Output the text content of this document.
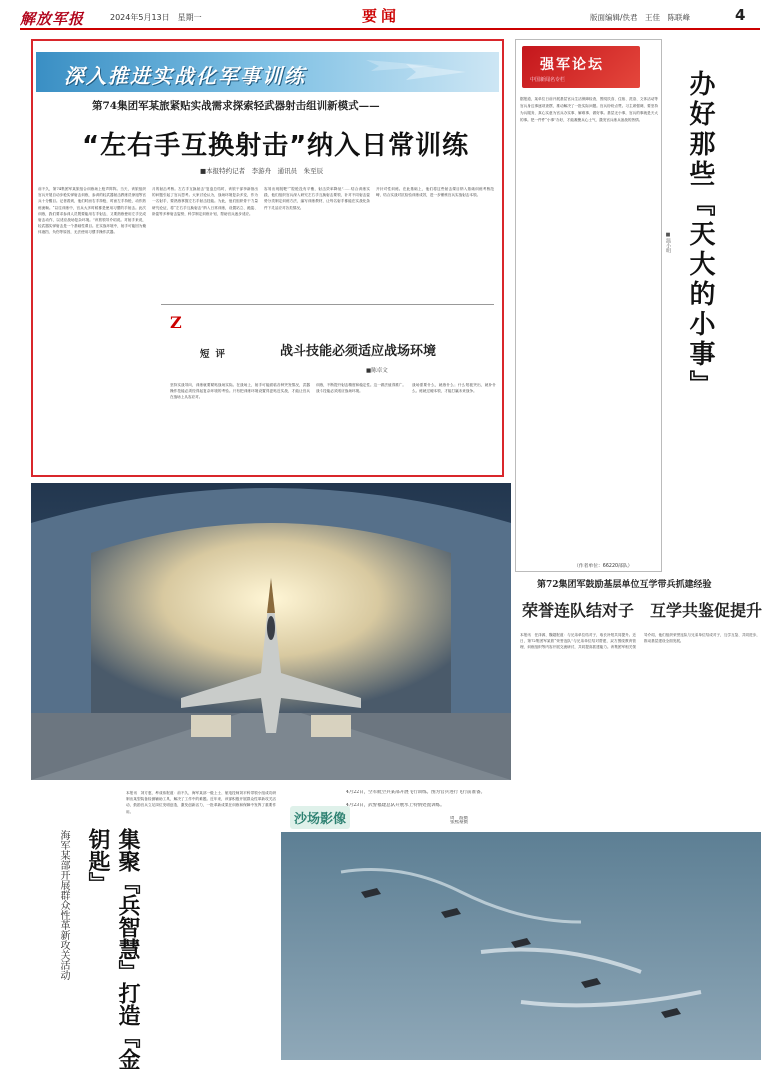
解放军报	2024年5月13日　星期一	要闻	版面编辑/佚君　王佳　陈联峰	4
深入推进实战化军事训练
第74集团军某旅紧贴实战需求探索轻武器射击组训新模式——
“左右手互换射击”纳入日常训练
■本报特约记者　李游舟　通讯员　朱至辰
前不久，第74集团军某旅组合训练场上枪声阵阵。当天，该旅组织官兵开展自动步枪实弹射击训练，参训的轻武器射击教练员徐旭等官兵十分醒目。记者看到，他们时而右手持枪，时而左手持枪，动作熟练流畅。“以往训练中，官兵大多时候都是使用习惯的手射击。此次训练，我们要求参训人员既要能用右手射击，又要熟练使用左手完成射击动作，以适应战场复杂环境。”该旅领导介绍说。对射手来说，轻武器实弹射击是一个基础性课目。在实战环境中，射手可能因为掩体遮挡、负伤等原因，无法使用习惯手操作武器。
月的射击考核。左右手互换射击”复盘总结时，该旅干部李新指出的问题引起了官兵思考。大家讨论认为，战场环境复杂多变，作为一名射手，要熟练掌握左右手射击技能。为此，他们组织骨干力量研究论证，将“左右手互换射击”纳入日常训练，设置站立、跪姿、卧姿等多种射击姿势，科学制定训练计划，帮助官兵逐步适应。
容易出现脱靶”“腔枪没有平衡，射击效率降低”……结合训练实践，他们组织官兵深入研究左右手互换射击要领，针对不同射击姿势分类制定训练方法，编写训练教材，让每名射手都能在实战化条件下灵活应对各类情况。
开针对性训练。在此基础上，他们将这些射击课目纳入基础训练考核范畴，结合实战对抗检验训练成效，进一步锤炼官兵实战射击本领。
Z
短评	战斗技能必须适应战场环境
■陈卓文
坚持实战导向，训练就要紧贴战场实际。在战场上，射手可能面临各种突发情况，武器操作技能必须经得起复杂环境的考验。只有把训练环境设置得更贴近实战，才能让官兵在战场上从容应对。
训练，不断提升射击精度和稳定性。这一做法值得推广。战斗技能必须适应战场环境。
战场需要什么，就练什么；什么短板突出，就补什么。练就过硬本领，才能打赢未来战争。
强军论坛
中国新闻名专栏
据报道，某单位日前开展基层官兵生活保障检查，围绕饮食、住宿、洗浴、文体活动等官兵身边事逐项查摆，推动解决了一批实际问题。官兵纷纷点赞。习主席强调，要坚持为兵服务，真心实意为官兵办实事、解难事、做好事。基层无小事，官兵的事就是天大的事。把一件件“小事”办好，才能凝聚兵心士气，激发官兵练兵备战的热情。
（作者单位：66220部队）
办好那些『天大的小事』
■温小明
第72集团军鼓励基层单位互学带兵抓建经验
荣誉连队结对子　互学共鉴促提升
本报讯　任泽源、魏超报道：与兄弟单位结对子，取长补短共同提升。近日，第72集团军某旅“荣誉连队”与兄弟单位结对帮建，双方围绕教育管理、训练组织等内容开展交流研讨，共同提高抓建能力。该集团军相关领导介绍，他们组织荣誉连队与兄弟单位结成对子，互学互鉴、共同进步，推动基层建设全面发展。
海军某部开展群众性革新攻关活动	集聚『兵智慧』打造『金钥匙』
本报讯　刘方惠、牟成伟报道：前不久，海军某部一级上士、航电技师刘平科带领小组成功研制出某型装备检测辅助工具，解决了工作中的难题。近年来，该部积极开展群众性革新攻关活动，鼓励官兵立足岗位发明创造，激发创新活力，一批革新成果在训练和保障中发挥了重要作用。
沙场影像
4月22日，空军航空兵某部开展飞行训练。图为官兵进行飞行前准备。
周　波摄
4月23日，武警福建总队开展水上特情处置训练。
张熙豪摄
